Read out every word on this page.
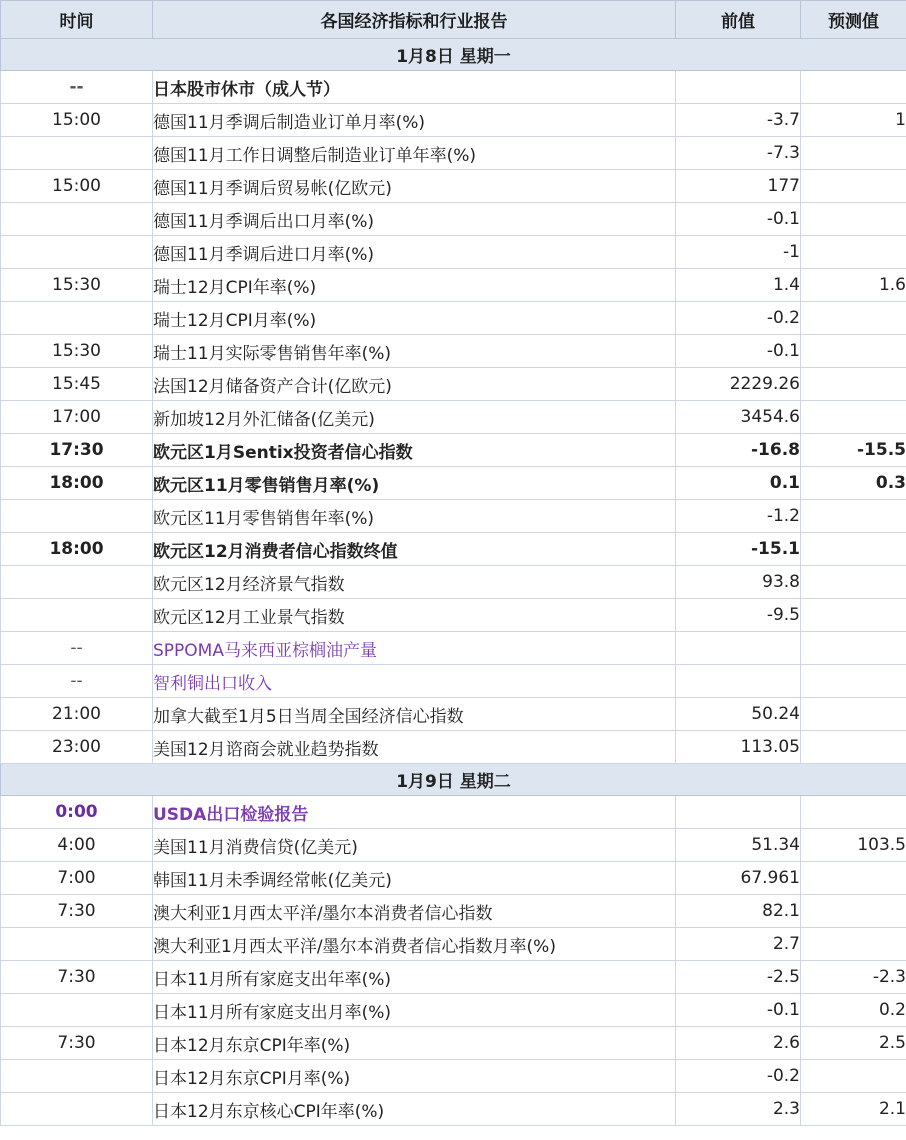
时间	各国经济指标和行业报告	前值	预测值
1月8日 星期一			
--	日本股市休市（成人节）		
15:00	德国11月季调后制造业订单月率(%)	-3.7	1
	德国11月工作日调整后制造业订单年率(%)	-7.3	
15:00	德国11月季调后贸易帐(亿欧元)	177	
	德国11月季调后出口月率(%)	-0.1	
	德国11月季调后进口月率(%)	-1	
15:30	瑞士12月CPI年率(%)	1.4	1.6
	瑞士12月CPI月率(%)	-0.2	
15:30	瑞士11月实际零售销售年率(%)	-0.1	
15:45	法国12月储备资产合计(亿欧元)	2229.26	
17:00	新加坡12月外汇储备(亿美元)	3454.6	
17:30	欧元区1月Sentix投资者信心指数	-16.8	-15.5
18:00	欧元区11月零售销售月率(%)	0.1	0.3
	欧元区11月零售销售年率(%)	-1.2	
18:00	欧元区12月消费者信心指数终值	-15.1	
	欧元区12月经济景气指数	93.8	
	欧元区12月工业景气指数	-9.5	
--	SPPOMA马来西亚棕榈油产量		
--	智利铜出口收入		
21:00	加拿大截至1月5日当周全国经济信心指数	50.24	
23:00	美国12月谘商会就业趋势指数	113.05	
1月9日 星期二			
0:00	USDA出口检验报告		
4:00	美国11月消费信贷(亿美元)	51.34	103.5
7:00	韩国11月未季调经常帐(亿美元)	67.961	
7:30	澳大利亚1月西太平洋/墨尔本消费者信心指数	82.1	
	澳大利亚1月西太平洋/墨尔本消费者信心指数月率(%)	2.7	
7:30	日本11月所有家庭支出年率(%)	-2.5	-2.3
	日本11月所有家庭支出月率(%)	-0.1	0.2
7:30	日本12月东京CPI年率(%)	2.6	2.5
	日本12月东京CPI月率(%)	-0.2	
	日本12月东京核心CPI年率(%)	2.3	2.1
